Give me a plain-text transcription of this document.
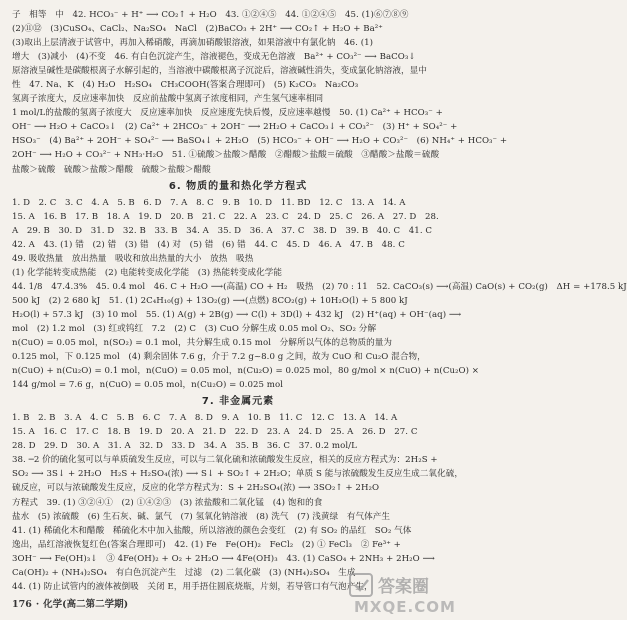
子　相等　中　42. HCO₃⁻ + H⁺ ⟶ CO₂↑ + H₂O　43. ①②④⑤　44. ①②④⑤　45. (1)⑥⑦⑧⑨
(2)⑪⑫　(3)CuSO₄、CaCl₂、Na₂SO₄　NaCl　(2)BaCO₃ + 2H⁺ ⟶ CO₂↑ + H₂O + Ba²⁺
(3)取出上层清液于试管中，再加入稀硝酸，再滴加硝酸银溶液，如果溶液中有氯化钠　46. (1)
增大　(3)减小　(4)不变　46. 有白色沉淀产生，溶液褪色，变成无色溶液　Ba²⁺ + CO₃²⁻ ⟶ BaCO₃↓
原溶液呈碱性是碳酸根离子水解引起的，当溶液中碳酸根离子沉淀后，溶液碱性消失，变成氯化钠溶液，显中
性　47. Na、K　(4) H₂O　H₂SO₄　CH₃COOH(答案合理即可)　(5) K₂CO₃　Na₂CO₃
氢离子浓度大，反应速率加快　反应前盐酸中氢离子浓度相同，产生氢气速率相同
1 mol/L的盐酸的氢离子浓度大　反应速率加快　反应速度先快后慢，反应速率越慢　50. (1) Ca²⁺ + HCO₃⁻ +
OH⁻ ⟶ H₂O + CaCO₃↓　(2) Ca²⁺ + 2HCO₃⁻ + 2OH⁻ ⟶ 2H₂O + CaCO₃↓ + CO₃²⁻　(3) H⁺ + SO₄²⁻ +
HSO₃⁻　(4) Ba²⁺ + 2OH⁻ + SO₄²⁻ ⟶ BaSO₄↓ + 2H₂O　(5) HCO₃⁻ + OH⁻ ⟶ H₂O + CO₃²⁻　(6) NH₄⁺ + HCO₃⁻ +
2OH⁻ ⟶ H₂O + CO₃²⁻ + NH₃·H₂O　51. ①硫酸＞盐酸＞醋酸　②醋酸＞盐酸＝硫酸　③醋酸＞盐酸＝硫酸
盐酸＞硫酸　硫酸＞盐酸＞醋酸　硫酸＞盐酸＞醋酸
6. 物质的量和热化学方程式
1. D　2. C　3. C　4. A　5. B　6. D　7. A　8. C　9. B　10. D　11. BD　12. C　13. A　14. A
15. A　16. B　17. B　18. A　19. D　20. B　21. C　22. A　23. C　24. D　25. C　26. A　27. D　28.
A　29. B　30. D　31. D　32. B　33. B　34. A　35. D　36. A　37. C　38. D　39. B　40. C　41. C
42. A　43. (1) 错　(2) 错　(3) 错　(4) 对　(5) 错　(6) 错　44. C　45. D　46. A　47. B　48. C
49. 吸收热量　放出热量　吸收和放出热量的大小　放热　吸热
(1) 化学能转变成热能　(2) 电能转变成化学能　(3) 热能转变成化学能
44. 1/8　47.4.3%　45. 0.4 mol　46. C + H₂O ⟶(高温) CO + H₂　吸热　(2) 70 : 11　52. CaCO₃(s) ⟶(高温) CaO(s) + CO₂(g)　ΔH = +178.5 kJ
500 kJ　(2) 2 680 kJ　51. (1) 2C₄H₁₀(g) + 13O₂(g) ⟶(点燃) 8CO₂(g) + 10H₂O(l) + 5 800 kJ
H₂O(l) + 57.3 kJ　(3) 10 mol　55. (1) A(g) + 2B(g) ⟶ C(l) + 3D(l) + 432 kJ　(2) H⁺(aq) + OH⁻(aq) ⟶
mol　(2) 1.2 mol　(3) 红或钨红　7.2　(2) C　(3) CuO 分解生成 0.05 mol O₂、SO₂ 分解
n(CuO) = 0.05 mol，n(SO₂) = 0.1 mol，共分解生成 0.15 mol　分解所以气体的总物质的量为
0.125 mol，下 0.125 mol　(4) 剩余固体 7.6 g，介于 7.2 g~8.0 g 之间，故为 CuO 和 Cu₂O 混合物，
n(CuO) + n(Cu₂O) = 0.1 mol，n(CuO) = 0.05 mol，n(Cu₂O) = 0.025 mol，80 g/mol × n(CuO) + n(Cu₂O) ×
144 g/mol = 7.6 g，n(CuO) = 0.05 mol，n(Cu₂O) = 0.025 mol
7. 非金属元素
1. B　2. B　3. A　4. C　5. B　6. C　7. A　8. D　9. A　10. B　11. C　12. C　13. A　14. A
15. A　16. C　17. C　18. B　19. D　20. A　21. D　22. D　23. A　24. D　25. A　26. D　27. C
28. D　29. D　30. A　31. A　32. D　33. D　34. A　35. B　36. C　37. 0.2 mol/L
38. ─2 价的硫化氢可以与单质硫发生反应，可以与二氧化硫和浓硫酸发生反应，相关的反应方程式为：2H₂S +
SO₂ ⟶ 3S↓ + 2H₂O　H₂S + H₂SO₄(浓) ⟶ S↓ + SO₂↑ + 2H₂O；单质 S 能与浓硫酸发生反应生成二氧化硫，
硫反应，可以与浓硫酸发生反应，反应的化学方程式为：S + 2H₂SO₄(浓) ⟶ 3SO₂↑ + 2H₂O
方程式　39. (1) ③②④①　(2) ①④②③　(3) 浓盐酸和二氧化锰　(4) 饱和的食
盐水　(5) 浓硫酸　(6) 生石灰、碱、氯气　(7) 氢氧化钠溶液　(8) 洗气　(7) 浅黄绿　有气体产生
41. (1) 稀硫化木和醋酸　稀硫化木中加入盐酸，所以溶液的颜色会变红　(2) 有 SO₂ 的品红　SO₂ 气体
逸出，品红溶液恢复红色(答案合理即可)　42. (1) Fe　Fe(OH)₂　FeCl₂　(2) ① FeCl₃　② Fe³⁺ +
3OH⁻ ⟶ Fe(OH)₃↓　③ 4Fe(OH)₂ + O₂ + 2H₂O ⟶ 4Fe(OH)₃　43. (1) CaSO₄ + 2NH₃ + 2H₂O ⟶
Ca(OH)₂ + (NH₄)₂SO₄　有白色沉淀产生　过滤　(2) 二氧化碳　(3) (NH₄)₂SO₄　生成
44. (1) 防止试管内的液体被倒吸　关闭 E，用手捂住圆底烧瓶，片刻，若导管口有气泡产生，
176 · 化学(高二第二学期)
答案圈
MXQE.COM
